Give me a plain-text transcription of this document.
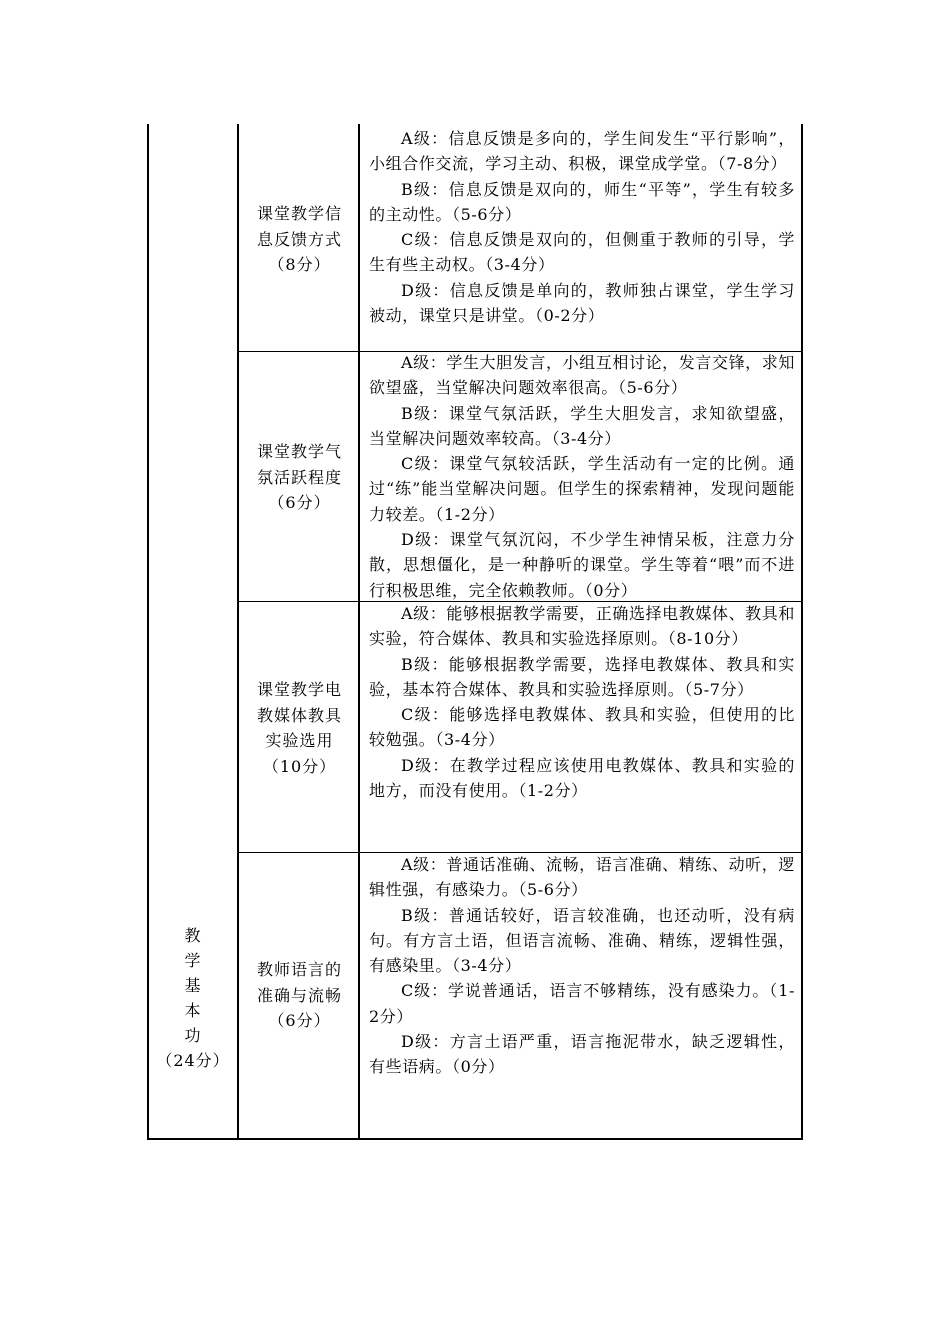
教
学
基
本
功
（24分）
课堂教学信
息反馈方式
（8分）

A级：信息反馈是多向的，学生间发生“平行影响”，小组合作交流，学习主动、积极，课堂成学堂。（7-8分）

B级：信息反馈是双向的，师生“平等”，学生有较多的主动性。（5-6分）

C级：信息反馈是双向的，但侧重于教师的引导，学生有些主动权。（3-4分）

D级：信息反馈是单向的，教师独占课堂，学生学习被动，课堂只是讲堂。（0-2分）

课堂教学气
氛活跃程度
（6分）

A级：学生大胆发言，小组互相讨论，发言交锋，求知欲望盛，当堂解决问题效率很高。（5-6分）

B级：课堂气氛活跃，学生大胆发言，求知欲望盛，当堂解决问题效率较高。（3-4分）

C级：课堂气氛较活跃，学生活动有一定的比例。通过“练”能当堂解决问题。但学生的探索精神，发现问题能力较差。（1-2分）

D级：课堂气氛沉闷，不少学生神情呆板，注意力分散，思想僵化，是一种静听的课堂。学生等着“喂”而不进行积极思维，完全依赖教师。（0分）

课堂教学电
教媒体教具
实验选用
（10分）

A级：能够根据教学需要，正确选择电教媒体、教具和实验，符合媒体、教具和实验选择原则。（8-10分）

B级：能够根据教学需要，选择电教媒体、教具和实验，基本符合媒体、教具和实验选择原则。（5-7分）

C级：能够选择电教媒体、教具和实验，但使用的比较勉强。（3-4分）

D级：在教学过程应该使用电教媒体、教具和实验的地方，而没有使用。（1-2分）

教师语言的
准确与流畅
（6分）

A级：普通话准确、流畅，语言准确、精练、动听，逻辑性强，有感染力。（5-6分）

B级：普通话较好，语言较准确，也还动听，没有病句。有方言土语，但语言流畅、准确、精练，逻辑性强，有感染里。（3-4分）

C级：学说普通话，语言不够精练，没有感染力。（1-2分）

D级：方言土语严重，语言拖泥带水，缺乏逻辑性，有些语病。（0分）
